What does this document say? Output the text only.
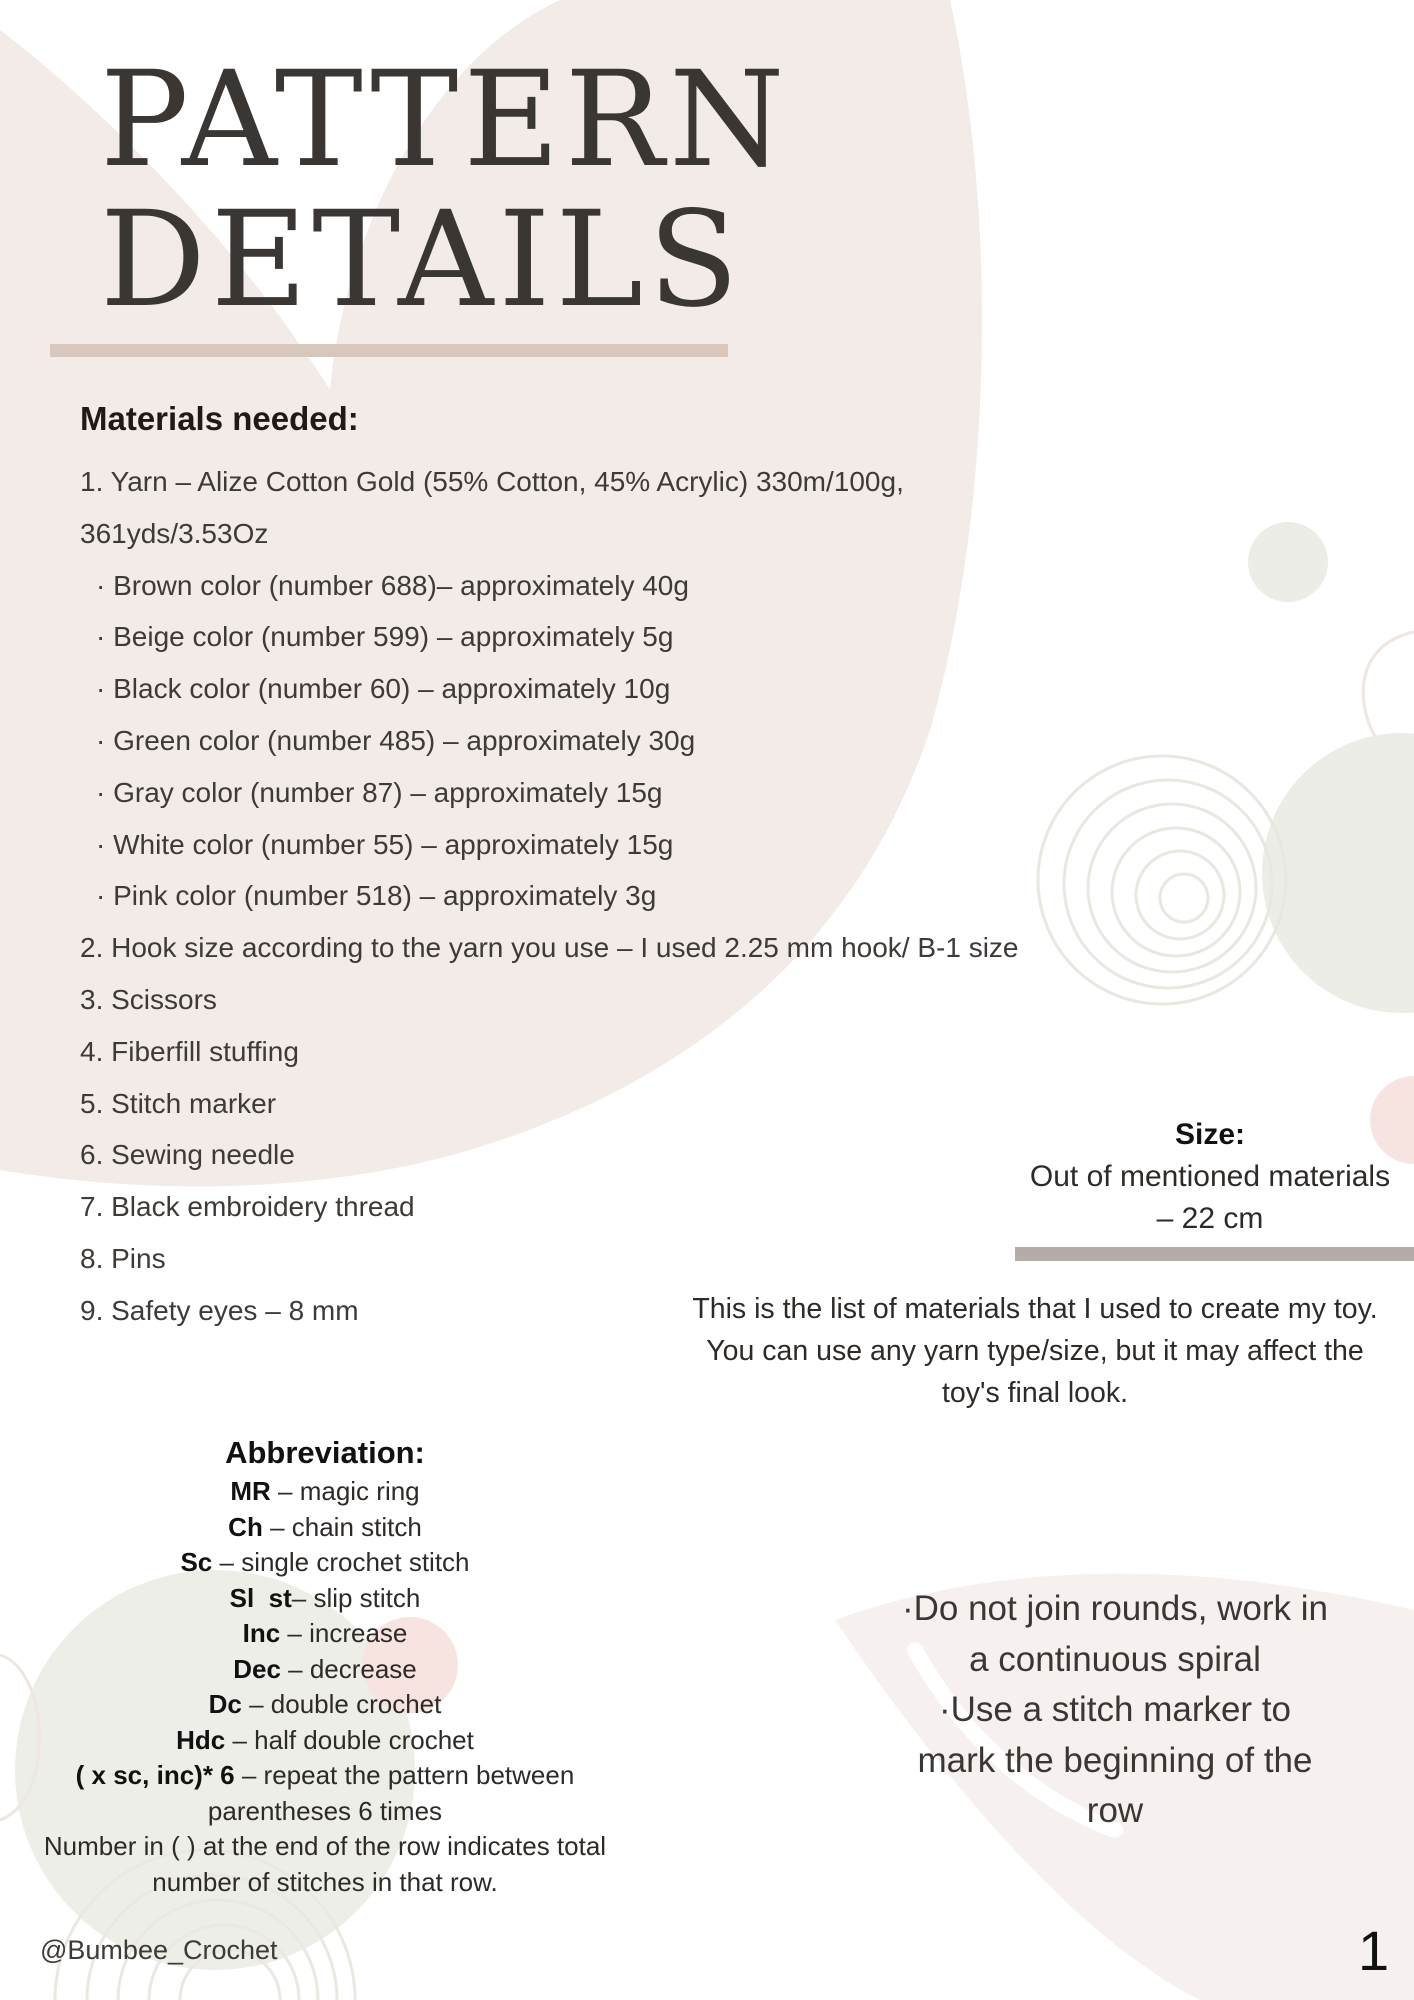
PATTERN
DETAILS
Materials needed:
1. Yarn – Alize Cotton Gold (55% Cotton, 45% Acrylic) 330m/100g,
361yds/3.53Oz
· Brown color (number 688)– approximately 40g
· Beige color (number 599) – approximately 5g
· Black color (number 60) – approximately 10g
· Green color (number 485) – approximately 30g
· Gray color (number 87) – approximately 15g
· White color (number 55) – approximately 15g
· Pink color (number 518) – approximately 3g
2. Hook size according to the yarn you use – I used 2.25 mm hook/ B-1 size
3. Scissors
4. Fiberfill stuffing
5. Stitch marker
6. Sewing needle
7. Black embroidery thread
8. Pins
9. Safety eyes – 8 mm
Size:
Out of mentioned materials
– 22 cm
This is the list of materials that I used to create my toy.
You can use any yarn type/size, but it may affect the
toy's final look.
Abbreviation:
MR – magic ring
Ch – chain stitch
Sc – single crochet stitch
Sl  st– slip stitch
Inc – increase
Dec – decrease
Dc – double crochet
Hdc – half double crochet
( x sc, inc)* 6 – repeat the pattern between
parentheses 6 times
Number in ( ) at the end of the row indicates total
number of stitches in that row.
·Do not join rounds, work in
a continuous spiral
·Use a stitch marker to
mark the beginning of the
row
@Bumbee_Crochet	1
